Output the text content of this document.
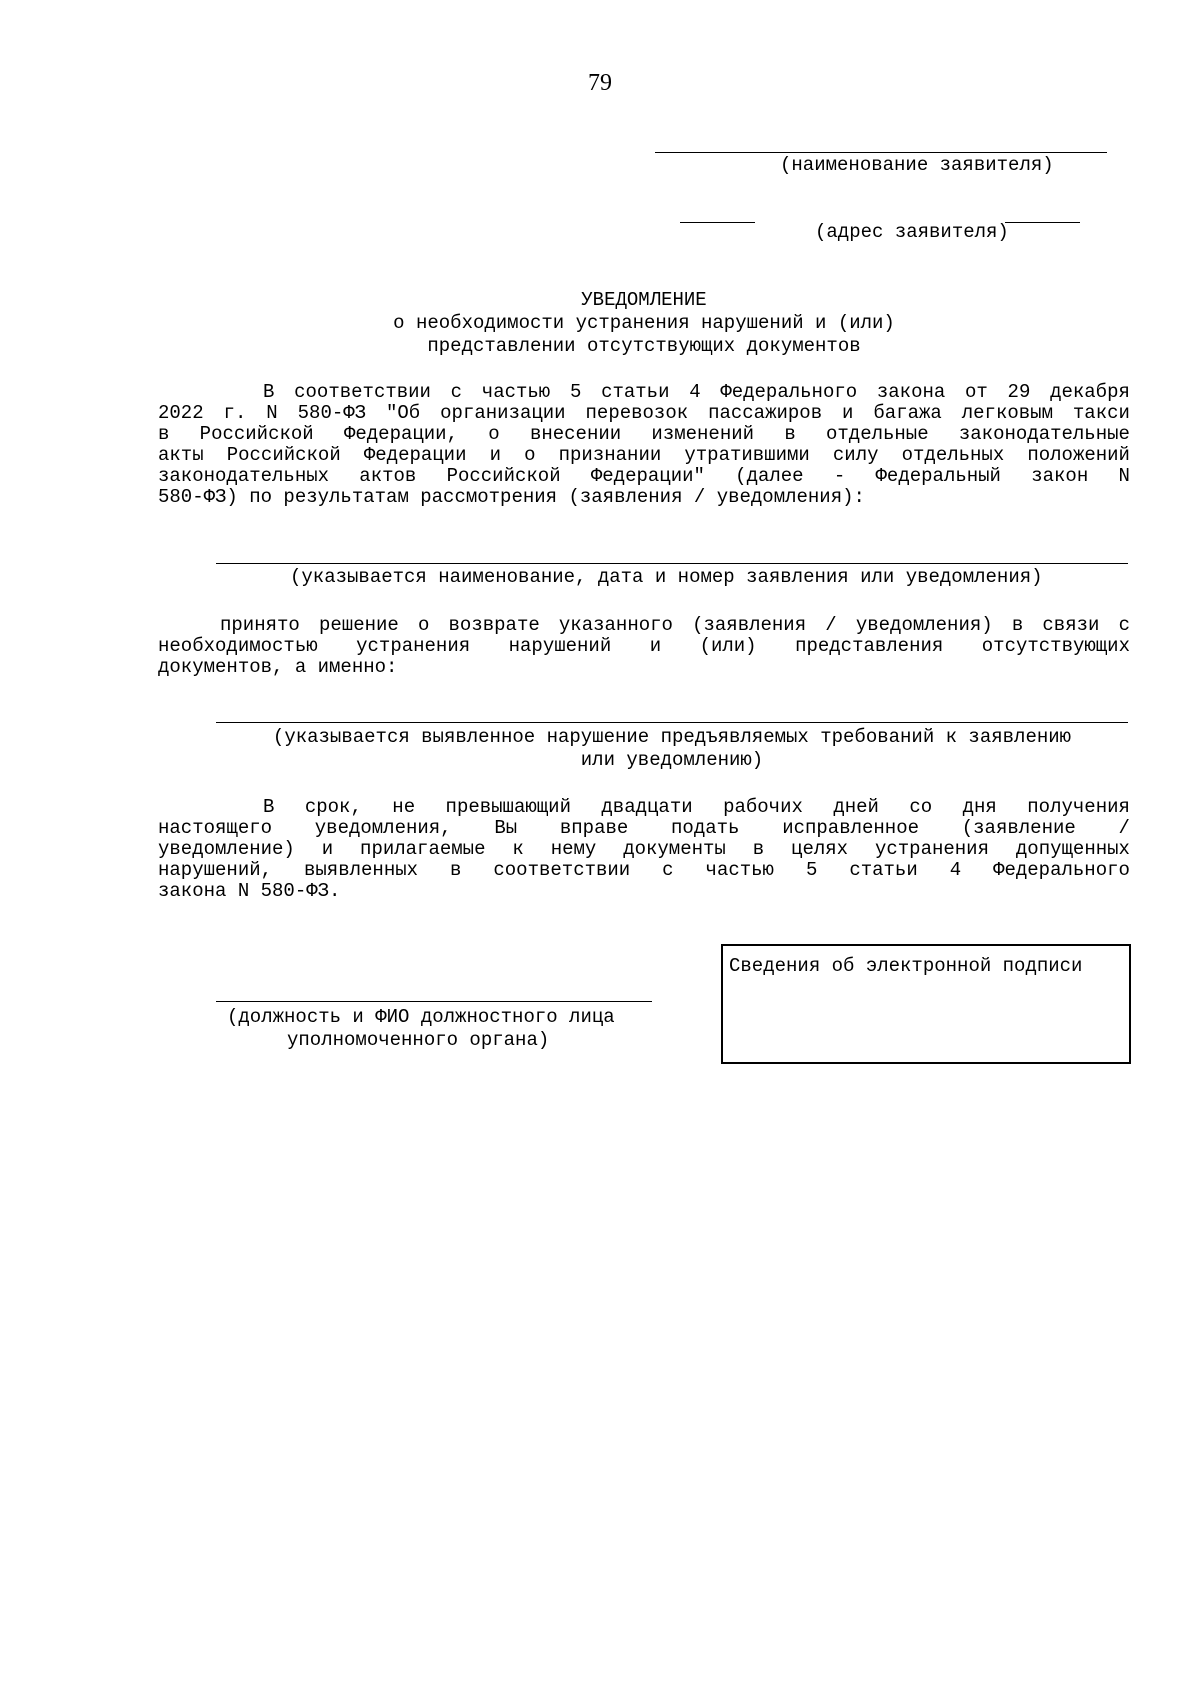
79
(наименование заявителя)
(адрес заявителя)
УВЕДОМЛЕНИЕ
о необходимости устранения нарушений и (или)
представлении отсутствующих документов
В соответствии с частью 5 статьи 4 Федерального закона от 29 декабря
2022 г. N 580-ФЗ "Об организации перевозок пассажиров и багажа легковым такси
в Российской Федерации, о внесении изменений в отдельные законодательные
акты Российской Федерации и о признании утратившими силу отдельных положений
законодательных актов Российской Федерации" (далее - Федеральный закон N
580-ФЗ) по результатам рассмотрения (заявления / уведомления):
(указывается наименование, дата и номер заявления или уведомления)
принято решение о возврате указанного (заявления / уведомления) в связи с
необходимостью устранения нарушений и (или) представления отсутствующих
документов, а именно:
(указывается выявленное нарушение предъявляемых требований к заявлению
или уведомлению)
В срок, не превышающий двадцати рабочих дней со дня получения
настоящего уведомления, Вы вправе подать исправленное (заявление /
уведомление) и прилагаемые к нему документы в целях устранения допущенных
нарушений, выявленных в соответствии с частью 5 статьи 4 Федерального
закона N 580-ФЗ.
(должность и ФИО должностного лица
уполномоченного органа)
Сведения об электронной подписи
